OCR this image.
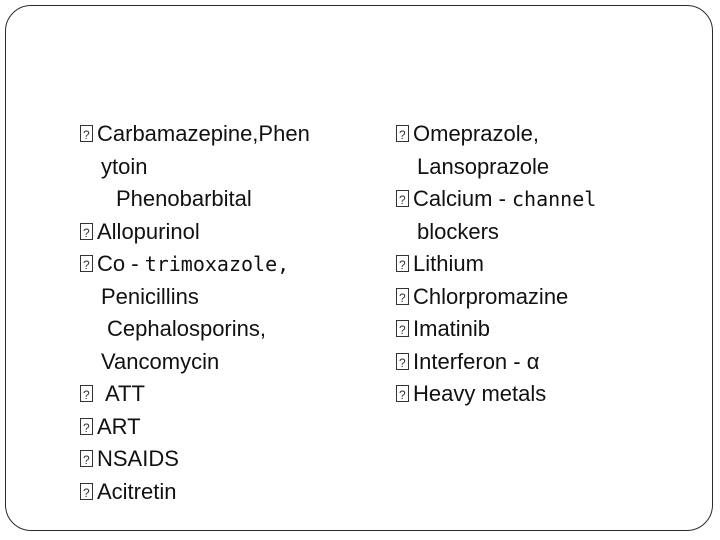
?Carbamazepine,Phen

ytoin

Phenobarbital

?Allopurinol

?Co - trimoxazole,

Penicillins

Cephalosporins,

Vancomycin

?ATT

?ART

?NSAIDS

?Acitretin

?Omeprazole,

Lansoprazole

?Calcium - channel

blockers

?Lithium

?Chlorpromazine

?Imatinib

?Interferon - α

?Heavy metals
